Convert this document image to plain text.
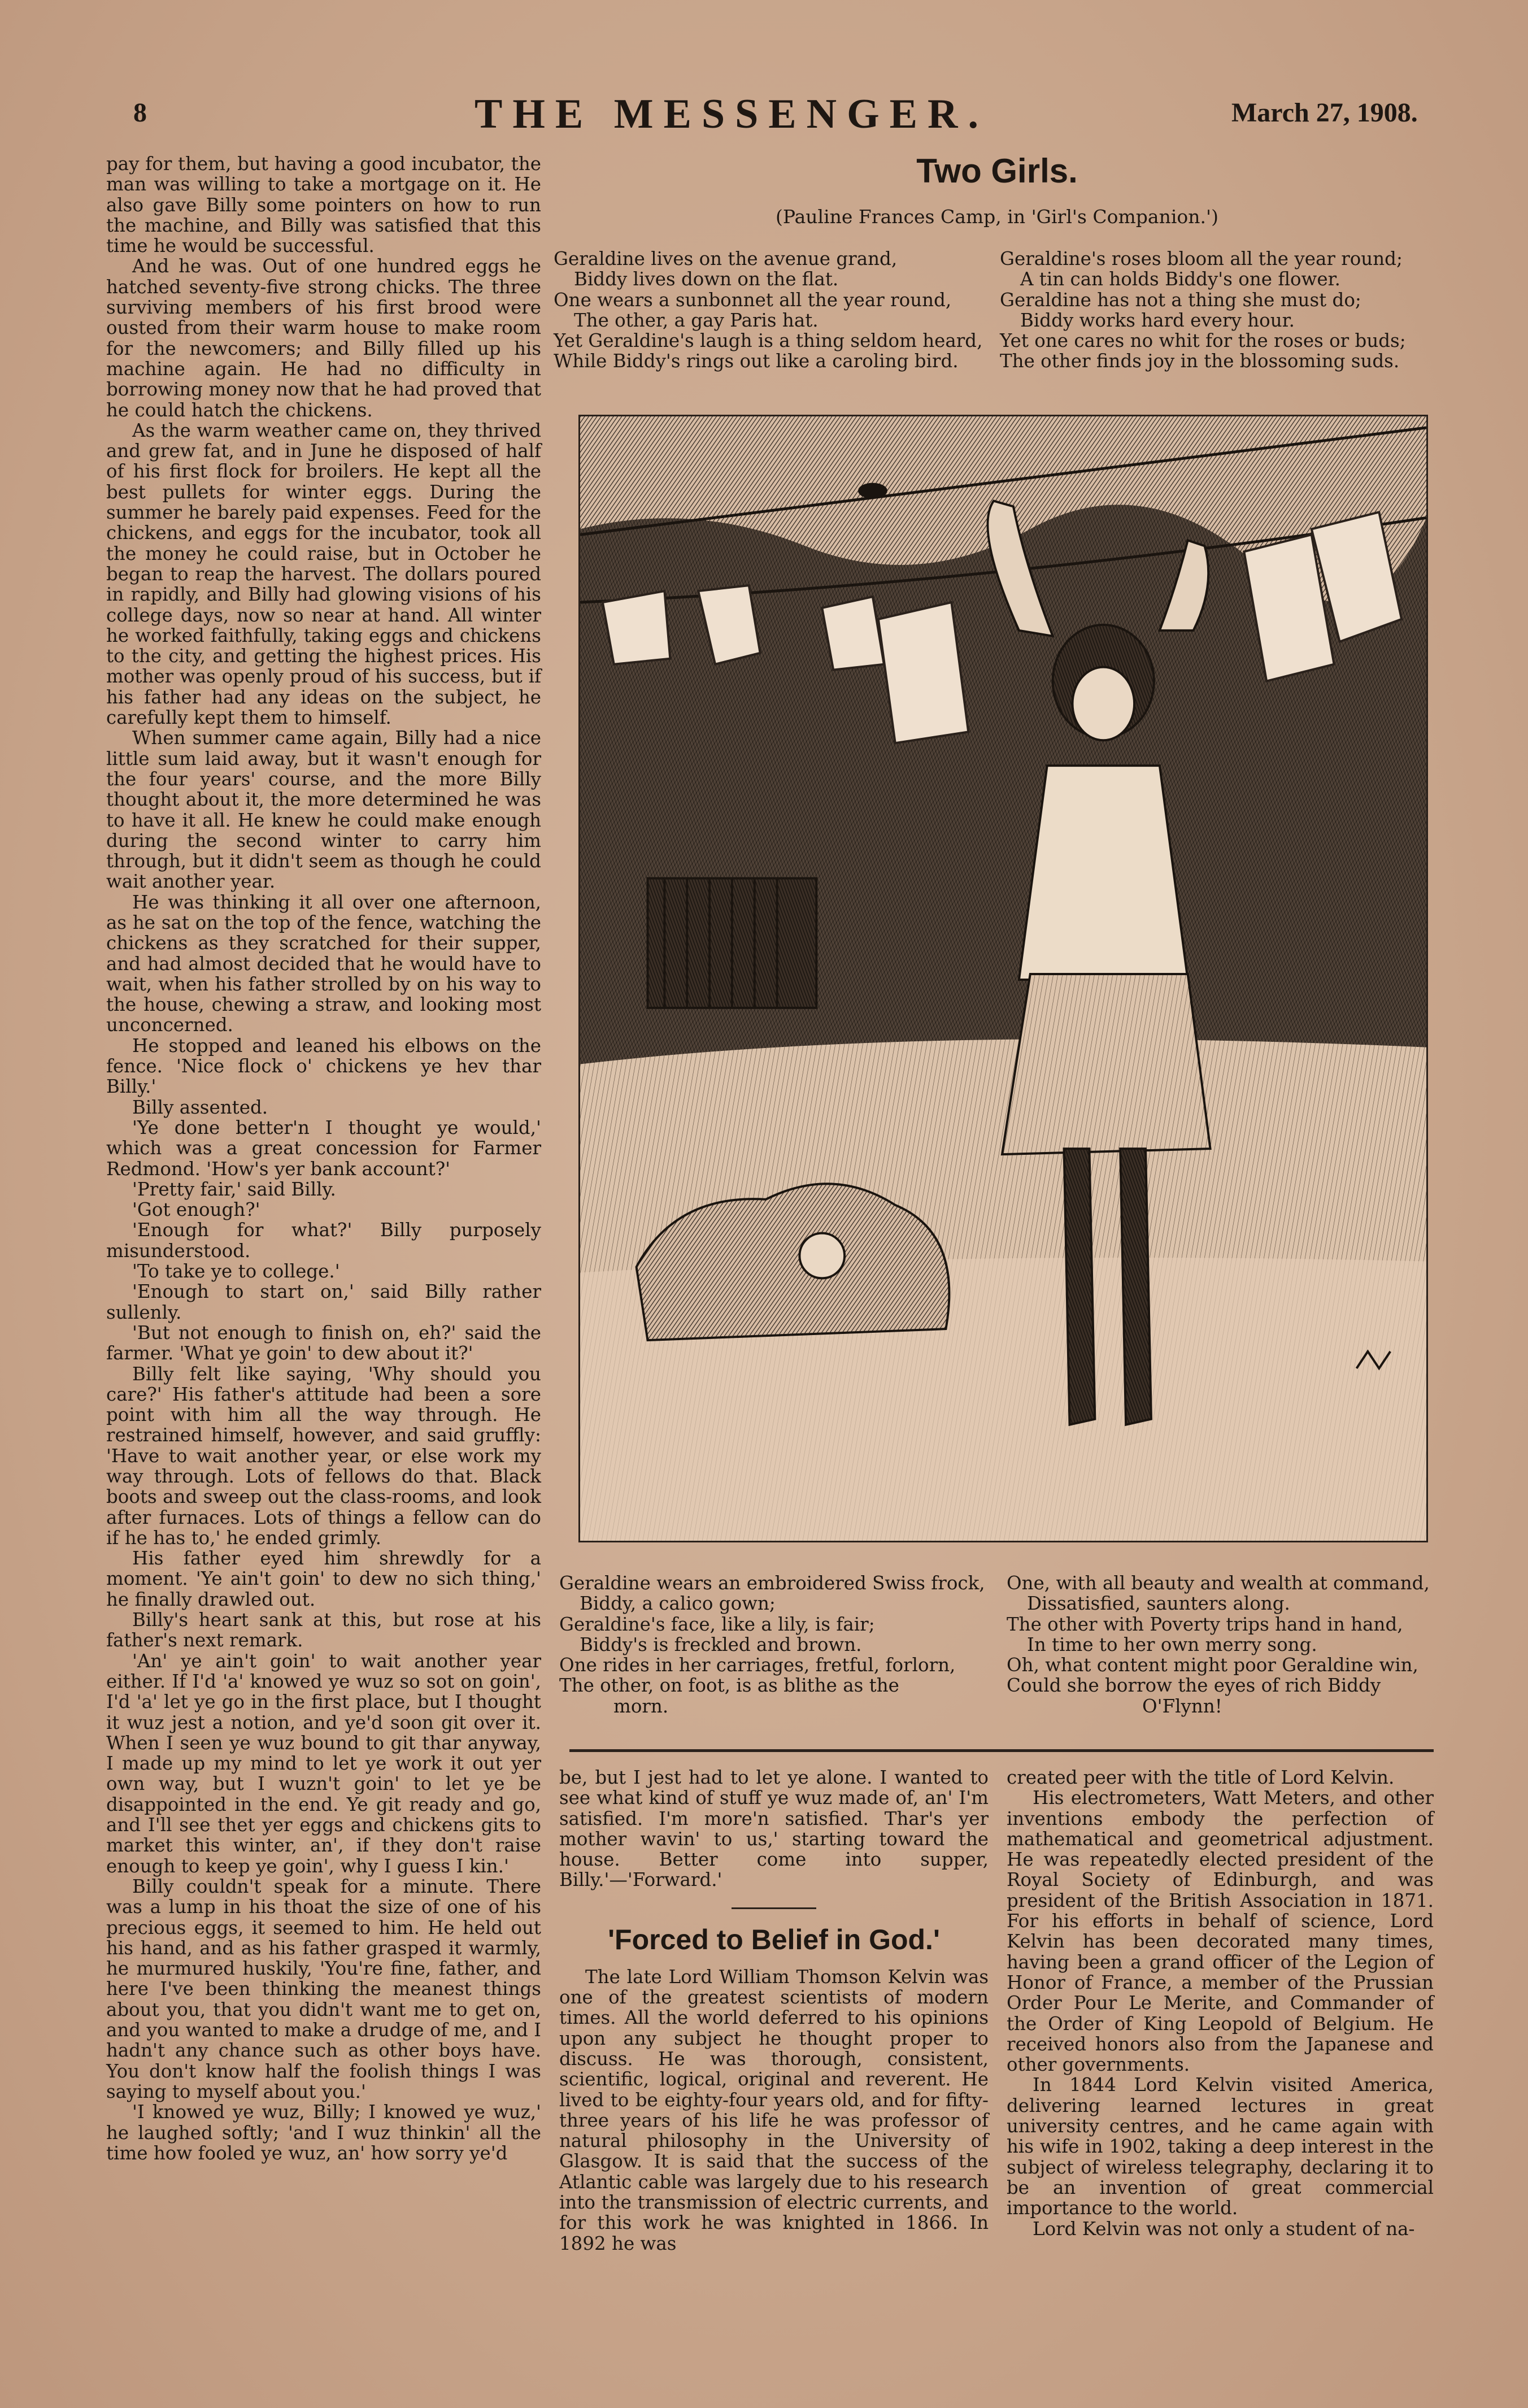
8	THE MESSENGER.	March 27, 1908.

pay for them, but having a good incubator, the man was willing to take a mortgage on it. He also gave Billy some pointers on how to run the machine, and Billy was satisfied that this time he would be successful.

And he was. Out of one hundred eggs he hatched seventy-five strong chicks. The three surviving members of his first brood were ousted from their warm house to make room for the newcomers; and Billy filled up his machine again. He had no difficulty in borrowing money now that he had proved that he could hatch the chickens.

As the warm weather came on, they thrived and grew fat, and in June he disposed of half of his first flock for broilers. He kept all the best pullets for winter eggs. During the summer he barely paid expenses. Feed for the chickens, and eggs for the incubator, took all the money he could raise, but in October he began to reap the harvest. The dollars poured in rapidly, and Billy had glowing visions of his college days, now so near at hand. All winter he worked faithfully, taking eggs and chickens to the city, and getting the highest prices. His mother was openly proud of his success, but if his father had any ideas on the subject, he carefully kept them to himself.

When summer came again, Billy had a nice little sum laid away, but it wasn't enough for the four years' course, and the more Billy thought about it, the more determined he was to have it all. He knew he could make enough during the second winter to carry him through, but it didn't seem as though he could wait another year.

He was thinking it all over one afternoon, as he sat on the top of the fence, watching the chickens as they scratched for their supper, and had almost decided that he would have to wait, when his father strolled by on his way to the house, chewing a straw, and looking most unconcerned.

He stopped and leaned his elbows on the fence. 'Nice flock o' chickens ye hev thar Billy.'

Billy assented.

'Ye done better'n I thought ye would,' which was a great concession for Farmer Redmond. 'How's yer bank account?'

'Pretty fair,' said Billy.

'Got enough?'

'Enough for what?' Billy purposely misunderstood.

'To take ye to college.'

'Enough to start on,' said Billy rather sullenly.

'But not enough to finish on, eh?' said the farmer. 'What ye goin' to dew about it?'

Billy felt like saying, 'Why should you care?' His father's attitude had been a sore point with him all the way through. He restrained himself, however, and said gruffly: 'Have to wait another year, or else work my way through. Lots of fellows do that. Black boots and sweep out the class-rooms, and look after furnaces. Lots of things a fellow can do if he has to,' he ended grimly.

His father eyed him shrewdly for a moment. 'Ye ain't goin' to dew no sich thing,' he finally drawled out.

Billy's heart sank at this, but rose at his father's next remark.

'An' ye ain't goin' to wait another year either. If I'd 'a' knowed ye wuz so sot on goin', I'd 'a' let ye go in the first place, but I thought it wuz jest a notion, and ye'd soon git over it. When I seen ye wuz bound to git thar anyway, I made up my mind to let ye work it out yer own way, but I wuzn't goin' to let ye be disappointed in the end. Ye git ready and go, and I'll see thet yer eggs and chickens gits to market this winter, an', if they don't raise enough to keep ye goin', why I guess I kin.'

Billy couldn't speak for a minute. There was a lump in his thoat the size of one of his precious eggs, it seemed to him. He held out his hand, and as his father grasped it warmly, he murmured huskily, 'You're fine, father, and here I've been thinking the meanest things about you, that you didn't want me to get on, and you wanted to make a drudge of me, and I hadn't any chance such as other boys have. You don't know half the foolish things I was saying to myself about you.'

'I knowed ye wuz, Billy; I knowed ye wuz,' he laughed softly; 'and I wuz thinkin' all the time how fooled ye wuz, an' how sorry ye'd

Two Girls.
(Pauline Frances Camp, in 'Girl's Companion.')
Geraldine lives on the avenue grand,
Biddy lives down on the flat.
One wears a sunbonnet all the year round,
The other, a gay Paris hat.
Yet Geraldine's laugh is a thing seldom heard,
While Biddy's rings out like a caroling bird.
Geraldine's roses bloom all the year round;
A tin can holds Biddy's one flower.
Geraldine has not a thing she must do;
Biddy works hard every hour.
Yet one cares no whit for the roses or buds;
The other finds joy in the blossoming suds.
Geraldine wears an embroidered Swiss frock,
Biddy, a calico gown;
Geraldine's face, like a lily, is fair;
Biddy's is freckled and brown.
One rides in her carriages, fretful, forlorn,
The other, on foot, is as blithe as the
morn.
One, with all beauty and wealth at command,
Dissatisfied, saunters along.
The other with Poverty trips hand in hand,
In time to her own merry song.
Oh, what content might poor Geraldine win,
Could she borrow the eyes of rich Biddy
O'Flynn!

be, but I jest had to let ye alone. I wanted to see what kind of stuff ye wuz made of, an' I'm satisfied. I'm more'n satisfied. Thar's yer mother wavin' to us,' starting toward the house. Better come into supper, Billy.'—'Forward.'

'Forced to Belief in God.'

The late Lord William Thomson Kelvin was one of the greatest scientists of modern times. All the world deferred to his opinions upon any subject he thought proper to discuss. He was thorough, consistent, scientific, logical, original and reverent. He lived to be eighty-four years old, and for fifty-three years of his life he was professor of natural philosophy in the University of Glasgow. It is said that the success of the Atlantic cable was largely due to his research into the transmission of electric currents, and for this work he was knighted in 1866. In 1892 he was

created peer with the title of Lord Kelvin.

His electrometers, Watt Meters, and other inventions embody the perfection of mathematical and geometrical adjustment. He was repeatedly elected president of the Royal Society of Edinburgh, and was president of the British Association in 1871. For his efforts in behalf of science, Lord Kelvin has been decorated many times, having been a grand officer of the Legion of Honor of France, a member of the Prussian Order Pour Le Merite, and Commander of the Order of King Leopold of Belgium. He received honors also from the Japanese and other governments.

In 1844 Lord Kelvin visited America, delivering learned lectures in great university centres, and he came again with his wife in 1902, taking a deep interest in the subject of wireless telegraphy, declaring it to be an invention of great commercial importance to the world.

Lord Kelvin was not only a student of na-
